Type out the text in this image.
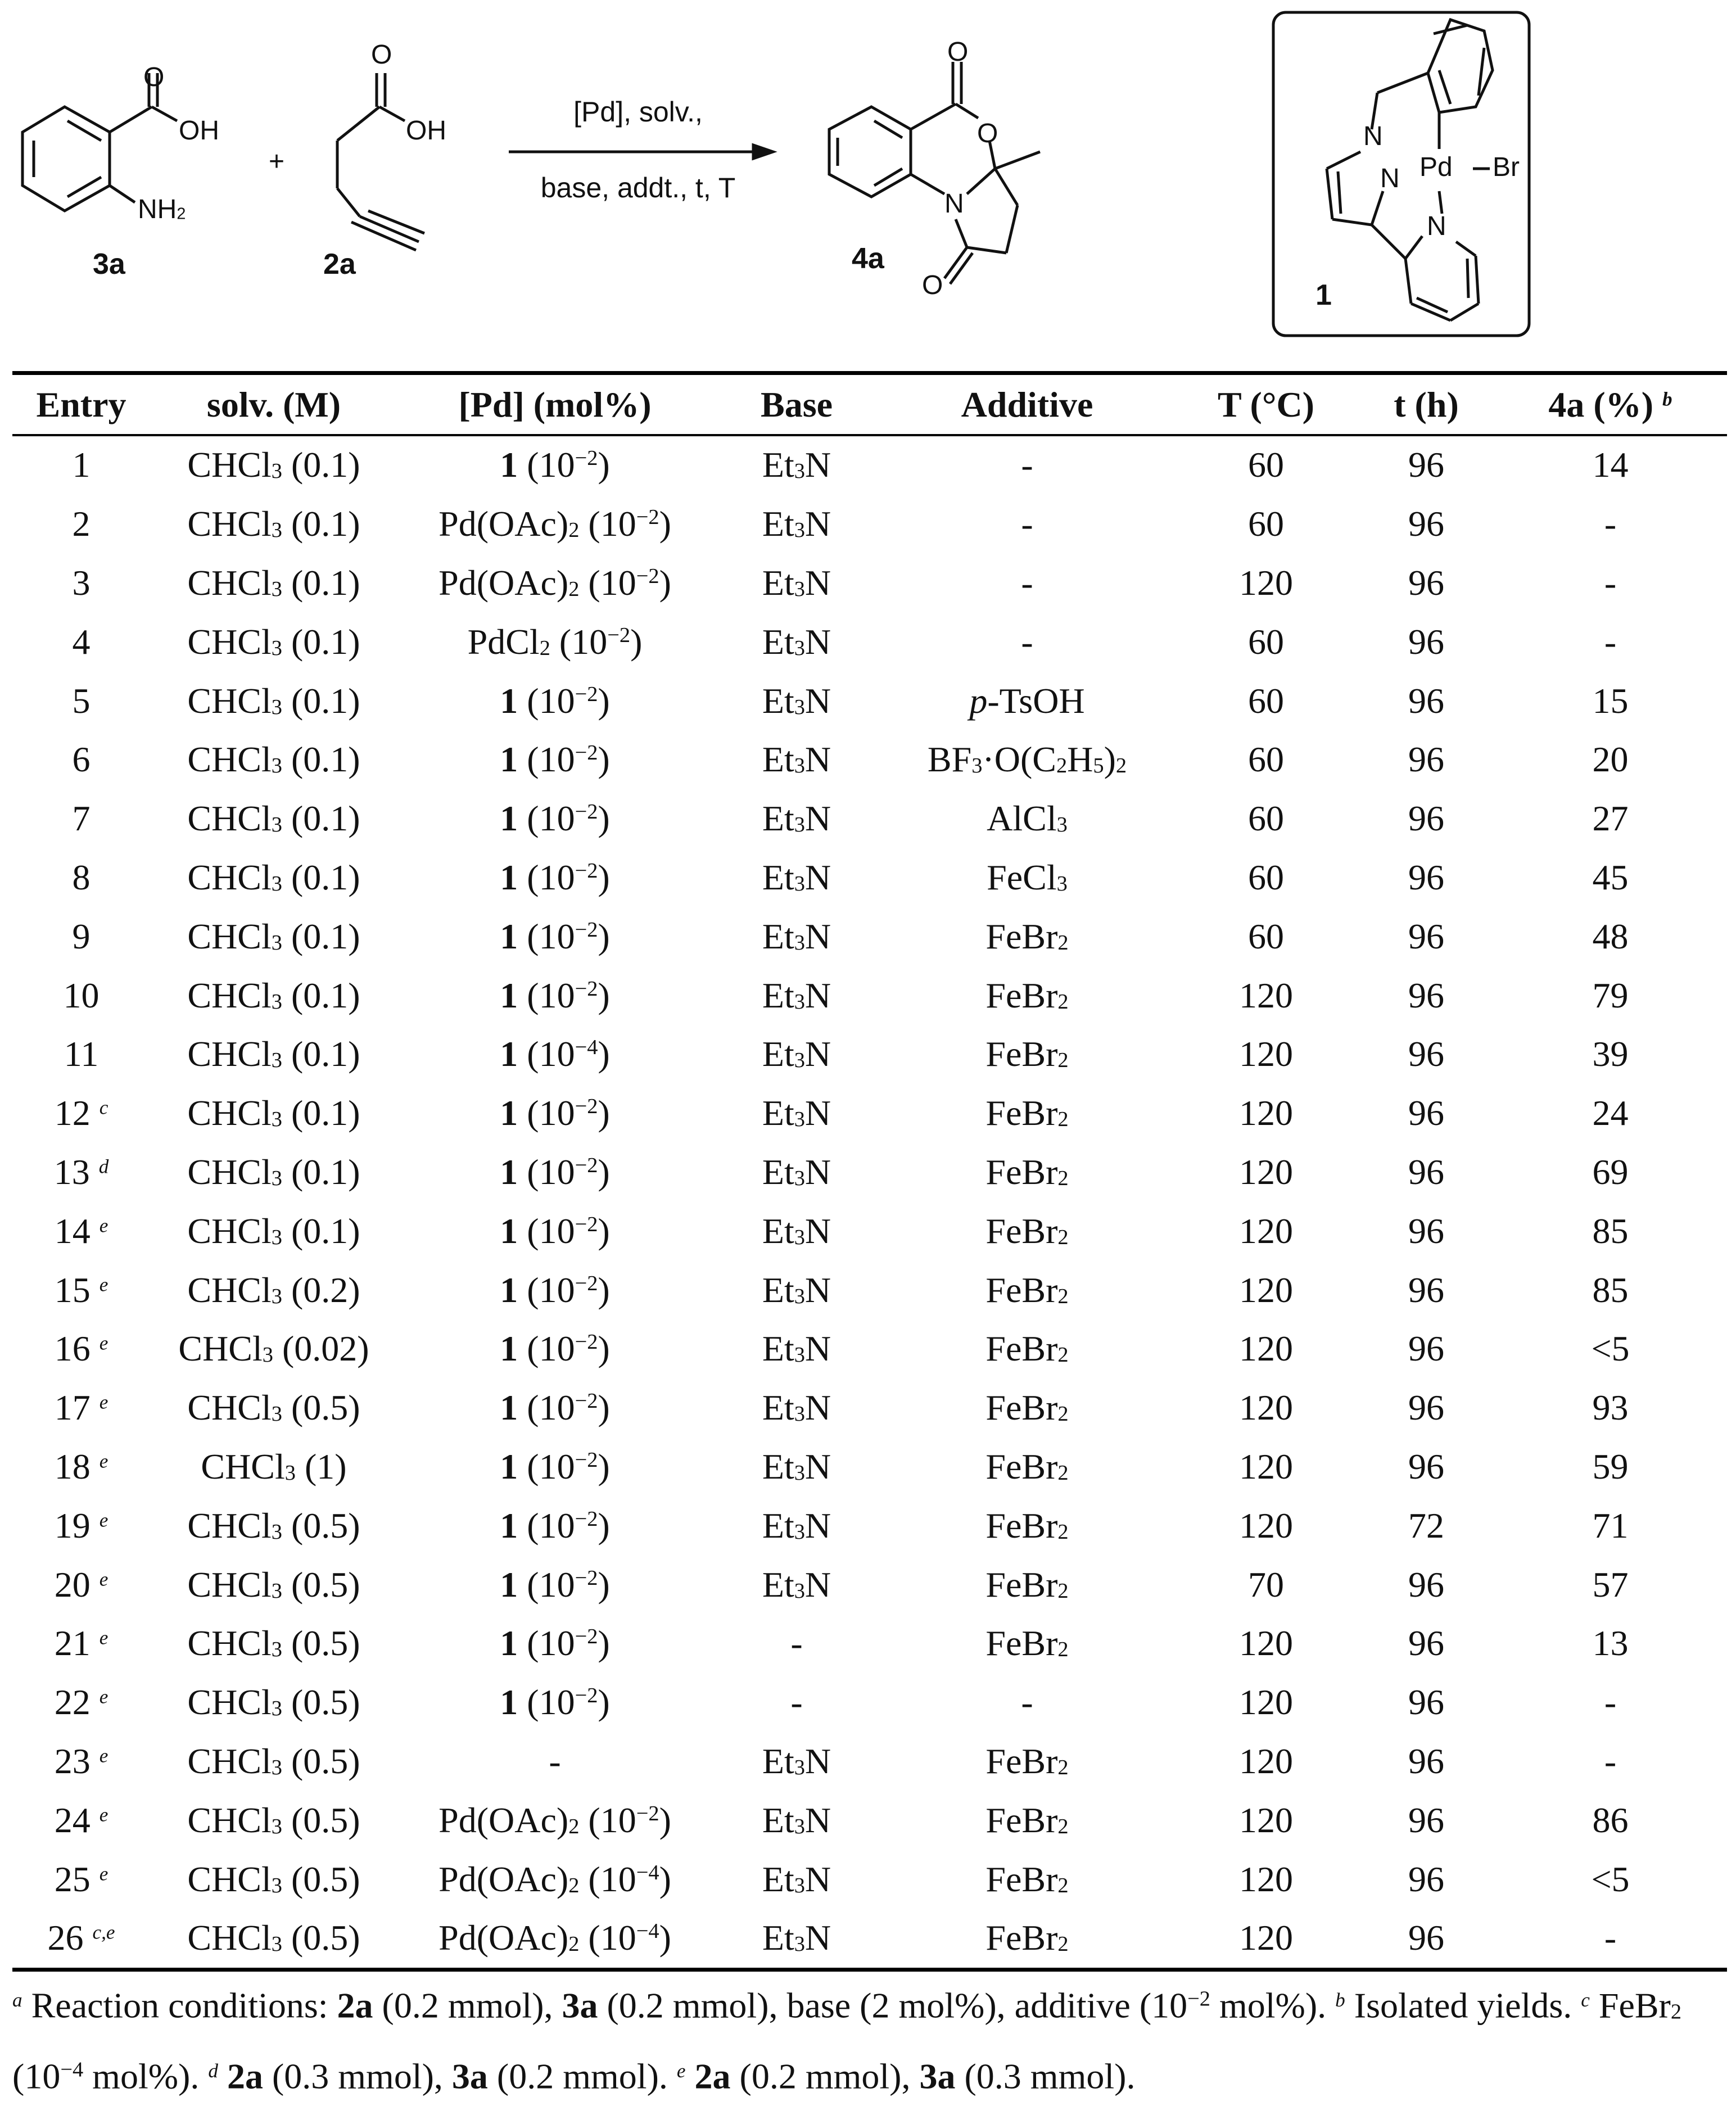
O
OH
$NH_2$
3a
+
O
OH
2a
[Pd], solv.,
base, addt., t, T
O
O
N
O
4a
N
N Pd Br
N
1
Entry	solv. (M)	[Pd] (mol%)	Base	Additive	T (°C)	t (h)	4a (%) $^b$
1	CHCl$_3$ (0.1)	1 $(10^{-2})$	$Et_3N$	-	60	96	14
2	CHCl$_3$ (0.1)	$Pd(OAc)_2$ $(10^{-2})$	$Et_3N$	-	60	96	-
3	CHCl$_3$ (0.1)	$Pd(OAc)_2$ $(10^{-2})$	$Et_3N$	-	120	96	-
4	CHCl$_3$ (0.1)	PdCl$_2$ $(10^{-2})$	$Et_3N$	-	60	96	-
5	CHCl$_3$ (0.1)	1 $(10^{-2})$	$Et_3N$	p-TsOH	60	96	15
6	CHCl$_3$ (0.1)	1 $(10^{-2})$	$Et_3N$	$BF_3\cdot O(C_2H_5)_2$	60	96	20
7	CHCl$_3$ (0.1)	1 $(10^{-2})$	$Et_3N$	AlCl$_3$	60	96	27
8	CHCl$_3$ (0.1)	1 $(10^{-2})$	$Et_3N$	FeCl$_3$	60	96	45
9	CHCl$_3$ (0.1)	1 $(10^{-2})$	$Et_3N$	FeBr$_2$	60	96	48
10	CHCl$_3$ (0.1)	1 $(10^{-2})$	$Et_3N$	FeBr$_2$	120	96	79
11	CHCl$_3$ (0.1)	1 $(10^{-4})$	$Et_3N$	FeBr$_2$	120	96	39
12 $^c$	CHCl$_3$ (0.1)	1 $(10^{-2})$	$Et_3N$	FeBr$_2$	120	96	24
13 $^d$	CHCl$_3$ (0.1)	1 $(10^{-2})$	$Et_3N$	FeBr$_2$	120	96	69
14 $^e$	CHCl$_3$ (0.1)	1 $(10^{-2})$	$Et_3N$	FeBr$_2$	120	96	85
15 $^e$	CHCl$_3$ (0.2)	1 $(10^{-2})$	$Et_3N$	FeBr$_2$	120	96	85
16 $^e$	CHCl$_3$ (0.02)	1 $(10^{-2})$	$Et_3N$	FeBr$_2$	120	96	<5
17 $^e$	CHCl$_3$ (0.5)	1 $(10^{-2})$	$Et_3N$	FeBr$_2$	120	96	93
18 $^e$	CHCl$_3$ (1)	1 $(10^{-2})$	$Et_3N$	FeBr$_2$	120	96	59
19 $^e$	CHCl$_3$ (0.5)	1 $(10^{-2})$	$Et_3N$	FeBr$_2$	120	72	71
20 $^e$	CHCl$_3$ (0.5)	1 $(10^{-2})$	$Et_3N$	FeBr$_2$	70	96	57
21 $^e$	CHCl$_3$ (0.5)	1 $(10^{-2})$	-	FeBr$_2$	120	96	13
22 $^e$	CHCl$_3$ (0.5)	1 $(10^{-2})$	-	-	120	96	-
23 $^e$	CHCl$_3$ (0.5)	-	$Et_3N$	FeBr$_2$	120	96	-
24 $^e$	CHCl$_3$ (0.5)	$Pd(OAc)_2$ $(10^{-2})$	$Et_3N$	FeBr$_2$	120	96	86
25 $^e$	CHCl$_3$ (0.5)	$Pd(OAc)_2$ $(10^{-4})$	$Et_3N$	FeBr$_2$	120	96	<5
26 $^{c,e}$	CHCl$_3$ (0.5)	$Pd(OAc)_2$ $(10^{-4})$	$Et_3N$	FeBr$_2$	120	96	-
$^a$ Reaction conditions: 2a (0.2 mmol), 3a (0.2 mmol), base (2 mol%), additive ($10^{-2}$ mol%). $^b$ Isolated yields. $^c$ FeBr$_2$ ($10^{-4}$ mol%). $^d$ 2a (0.3 mmol), 3a (0.2 mmol). $^e$ 2a (0.2 mmol), 3a (0.3 mmol).
